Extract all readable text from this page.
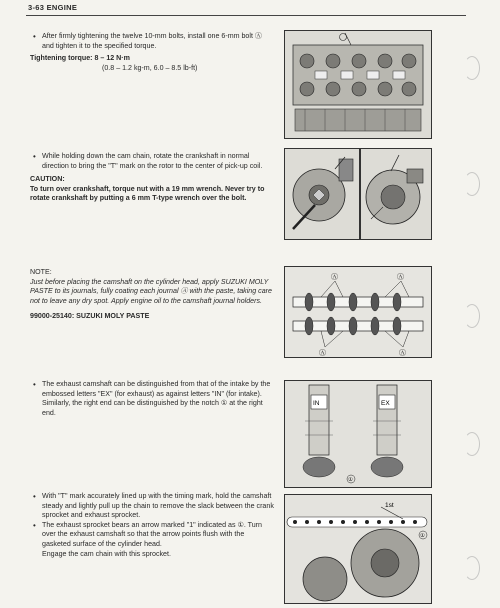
3-63 ENGINE
• After firmly tightening the twelve 10-mm bolts, install one 6-mm bolt Ⓐ and tighten it to the specified torque.
Tightening torque: 8 – 12 N·m
(0.8 – 1.2 kg-m, 6.0 – 8.5 lb-ft)
• While holding down the cam chain, rotate the crankshaft in normal direction to bring the "T" mark on the rotor to the center of pick-up coil.
CAUTION:
To turn over crankshaft, torque nut with a 19 mm wrench. Never try to rotate crankshaft by putting a 6 mm T-type wrench over the bolt.
NOTE:
Just before placing the camshaft on the cylinder head, apply SUZUKI MOLY PASTE to its journals, fully coating each journal Ⓐ with the paste, taking care not to leave any dry spot. Apply engine oil to the camshaft journal holders.
99000-25140: SUZUKI MOLY PASTE
• The exhaust camshaft can be distinguished from that of the intake by the embossed letters "EX" (for exhaust) as against letters "IN" (for intake). Similarly, the right end can be distinguished by the notch ① at the right end.
• With "T" mark accurately lined up with the timing mark, hold the camshaft steady and lightly pull up the chain to remove the slack between the crank sprocket and exhaust sprocket.
• The exhaust sprocket bears an arrow marked "1" indicated as ①. Turn over the exhaust camshaft so that the arrow points flush with the gasketed surface of the cylinder head.
Engage the cam chain with this sprocket.
Ⓐ	Ⓐ
Ⓐ	Ⓐ
IN	EX
①
1st
①
